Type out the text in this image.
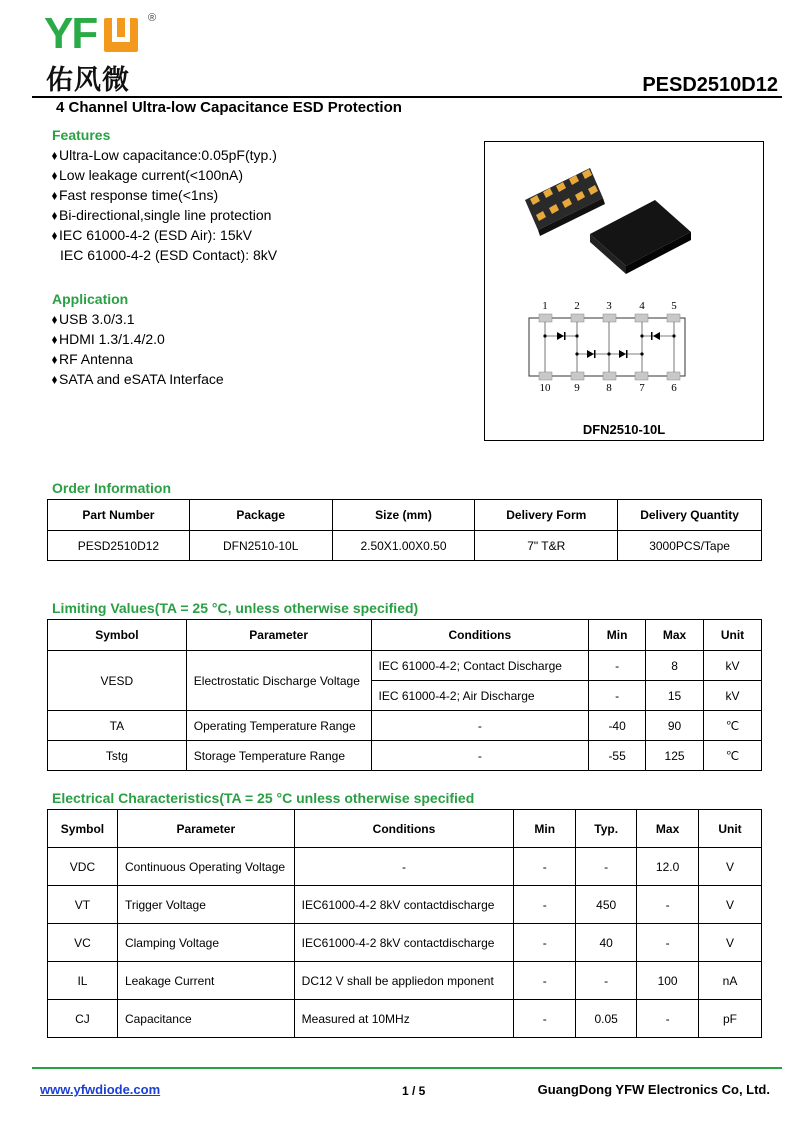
YF	®
佑风微	PESD2510D12
4 Channel Ultra-low Capacitance ESD Protection
Features
Ultra-Low capacitance:0.05pF(typ.)
Low leakage current(<100nA)
Fast response time(<1ns)
Bi-directional,single line protection
IEC 61000-4-2 (ESD Air): 15kV
IEC 61000-4-2 (ESD Contact): 8kV
Application
USB 3.0/3.1
HDMI 1.3/1.4/2.0
RF Antenna
SATA and eSATA Interface
1 2 3	4 5
10 9 8	7 6
DFN2510-10L
Order Information
Part Number	Package	Size (mm)	Delivery Form	Delivery Quantity
PESD2510D12	DFN2510-10L	2.50X1.00X0.50	7" T&R	3000PCS/Tape
Limiting Values(TA = 25 °C, unless otherwise specified)
Symbol	Parameter	Conditions	Min	Max	Unit
VESD	Electrostatic Discharge Voltage	IEC 61000-4-2; Contact Discharge	-	8	kV
		IEC 61000-4-2; Air Discharge	-	15	kV
TA	Operating Temperature Range	-	-40	90	℃
Tstg	Storage Temperature Range	-	-55	125	℃
Electrical Characteristics(TA = 25 °C unless otherwise specified
Symbol	Parameter	Conditions	Min	Typ.	Max	Unit
VDC	Continuous Operating Voltage	-	-	-	12.0	V
VT	Trigger Voltage	IEC61000-4-2 8kV contactdischarge	-	450	-	V
VC	Clamping Voltage	IEC61000-4-2 8kV contactdischarge	-	40	-	V
IL	Leakage Current	DC12 V shall be appliedon mponent	-	-	100	nA
CJ	Capacitance	Measured at 10MHz	-	0.05	-	pF
www.yfwdiode.com	1 / 5	GuangDong YFW Electronics Co, Ltd.
